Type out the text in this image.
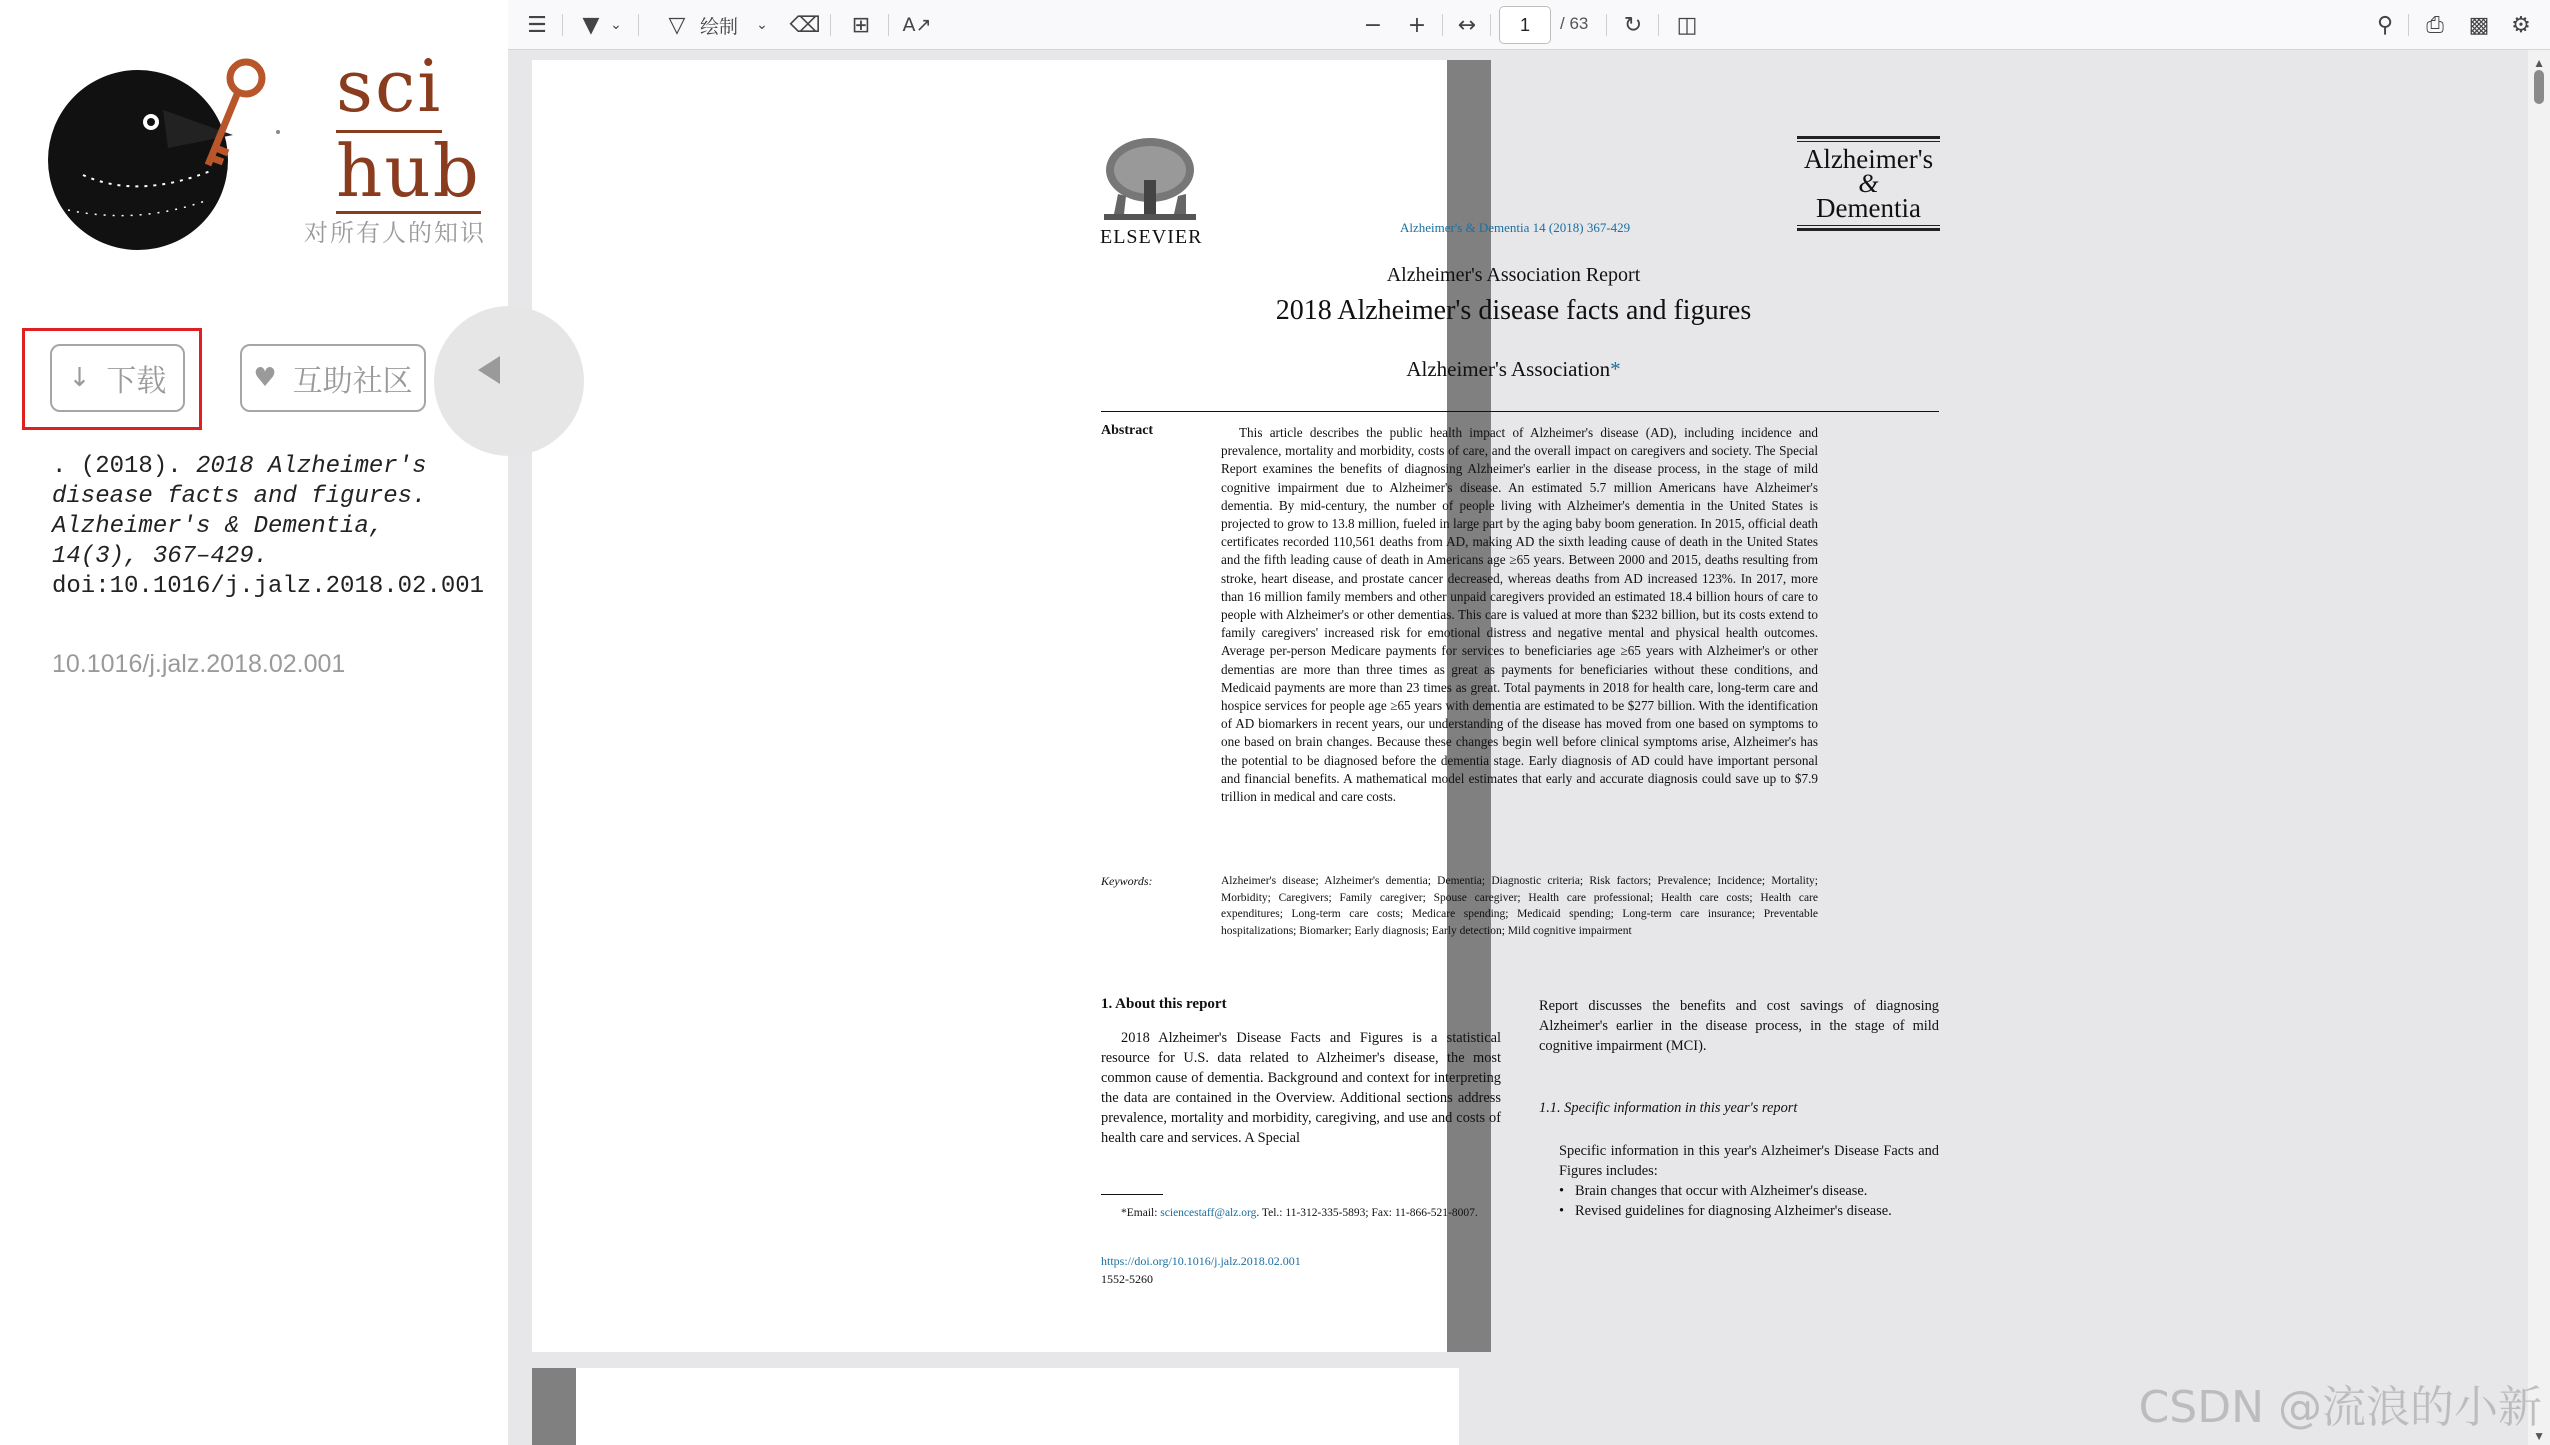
sci
hub
对所有人的知识
↓ 下载	♥ 互助社区
. (2018). 2018 Alzheimer's disease facts and figures. Alzheimer's & Dementia, 14(3), 367–429.
doi:10.1016/j.jalz.2018.02.001
10.1016/j.jalz.2018.02.001
☰ ▼ ⌄ ▽ 绘制	⌄ ⌫ ⊞	A↗	− +	↔	1	/ 63 ↻ ◫	⚲	⎙	▩ ⚙
▲
▼
ELSEVIER	Alzheimer's & Dementia 14 (2018) 367-429
Alzheimer's
&
Dementia
Alzheimer's Association Report
2018 Alzheimer's disease facts and figures
Alzheimer's Association*
Abstract	This article describes the public health impact of Alzheimer's disease (AD), including incidence and prevalence, mortality and morbidity, costs of care, and the overall impact on caregivers and society. The Special Report examines the benefits of diagnosing Alzheimer's earlier in the disease process, in the stage of mild cognitive impairment due to Alzheimer's disease. An estimated 5.7 million Americans have Alzheimer's dementia. By mid-century, the number of people living with Alzheimer's dementia in the United States is projected to grow to 13.8 million, fueled in large part by the aging baby boom generation. In 2015, official death certificates recorded 110,561 deaths from AD, making AD the sixth leading cause of death in the United States and the fifth leading cause of death in Americans age ≥65 years. Between 2000 and 2015, deaths resulting from stroke, heart disease, and prostate cancer decreased, whereas deaths from AD increased 123%. In 2017, more than 16 million family members and other unpaid caregivers provided an estimated 18.4 billion hours of care to people with Alzheimer's or other dementias. This care is valued at more than $232 billion, but its costs extend to family caregivers' increased risk for emotional distress and negative mental and physical health outcomes. Average per-person Medicare payments for services to beneficiaries age ≥65 years with Alzheimer's or other dementias are more than three times as great as payments for beneficiaries without these conditions, and Medicaid payments are more than 23 times as great. Total payments in 2018 for health care, long-term care and hospice services for people age ≥65 years with dementia are estimated to be $277 billion. With the identification of AD biomarkers in recent years, our understanding of the disease has moved from one based on symptoms to one based on brain changes. Because these changes begin well before clinical symptoms arise, Alzheimer's has the potential to be diagnosed before the dementia stage. Early diagnosis of AD could have important personal and financial benefits. A mathematical model estimates that early and accurate diagnosis could save up to $7.9 trillion in medical and care costs.
Keywords:	Alzheimer's disease; Alzheimer's dementia; Dementia; Diagnostic criteria; Risk factors; Prevalence; Incidence; Mortality; Morbidity; Caregivers; Family caregiver; Spouse caregiver; Health care professional; Health care costs; Health care expenditures; Long-term care costs; Medicare spending; Medicaid spending; Long-term care insurance; Preventable hospitalizations; Biomarker; Early diagnosis; Early detection; Mild cognitive impairment
1. About this report
2018 Alzheimer's Disease Facts and Figures is a statistical resource for U.S. data related to Alzheimer's disease, the most common cause of dementia. Background and context for interpreting the data are contained in the Overview. Additional sections address prevalence, mortality and morbidity, caregiving, and use and costs of health care and services. A Special
Report discusses the benefits and cost savings of diagnosing Alzheimer's earlier in the disease process, in the stage of mild cognitive impairment (MCI).
1.1. Specific information in this year's report
Specific information in this year's Alzheimer's Disease Facts and Figures includes:
• Brain changes that occur with Alzheimer's disease.
• Revised guidelines for diagnosing Alzheimer's disease.
*Email: sciencestaff@alz.org. Tel.: 11-312-335-5893; Fax: 11-866-521-8007.
https://doi.org/10.1016/j.jalz.2018.02.001
1552-5260
CSDN @流浪的小新
